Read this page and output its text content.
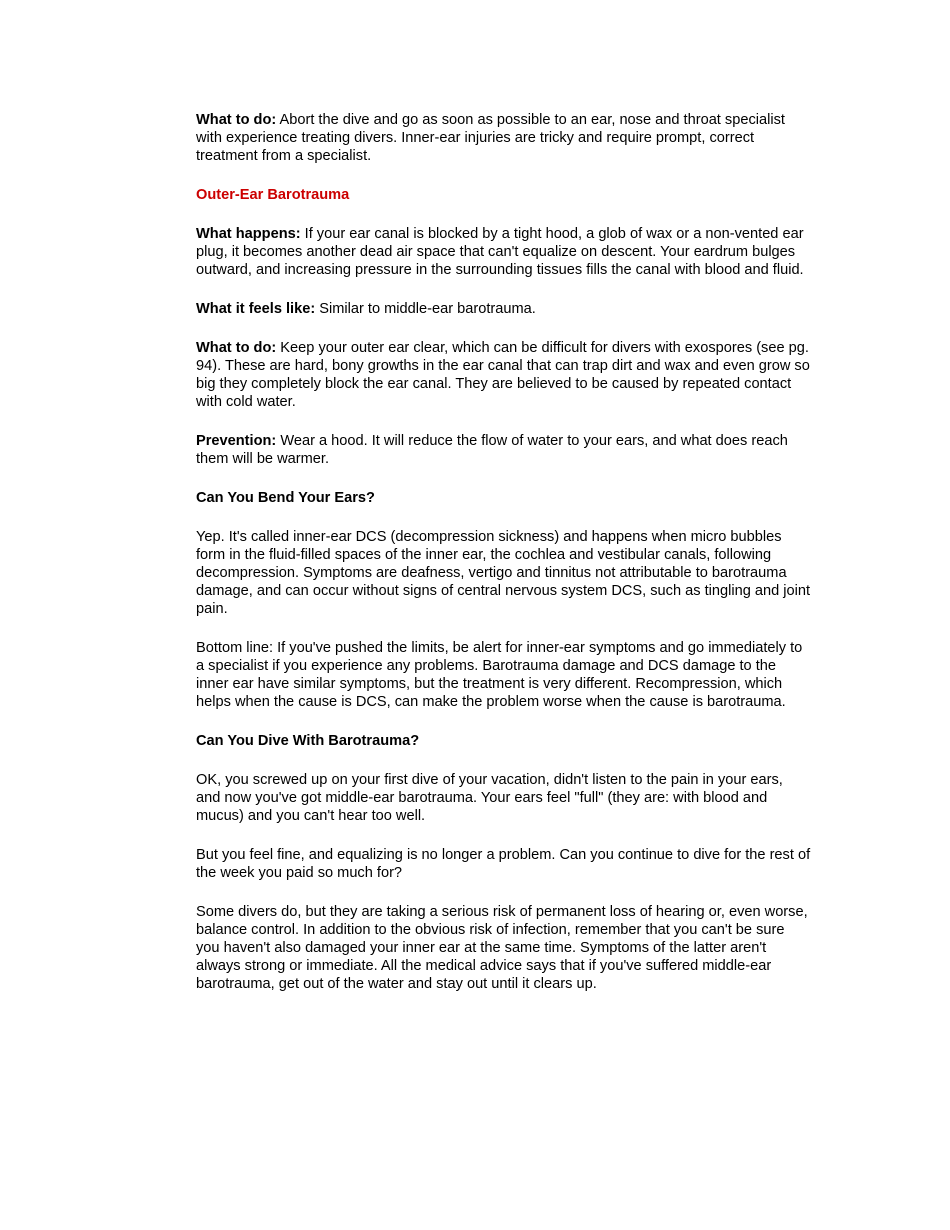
What to do: Abort the dive and go as soon as possible to an ear, nose and throat specialist with experience treating divers. Inner-ear injuries are tricky and require prompt, correct treatment from a specialist.

Outer-Ear Barotrauma

What happens: If your ear canal is blocked by a tight hood, a glob of wax or a non-vented ear plug, it becomes another dead air space that can't equalize on descent. Your eardrum bulges outward, and increasing pressure in the surrounding tissues fills the canal with blood and fluid.

What it feels like: Similar to middle-ear barotrauma.

What to do: Keep your outer ear clear, which can be difficult for divers with exospores (see pg. 94). These are hard, bony growths in the ear canal that can trap dirt and wax and even grow so big they completely block the ear canal. They are believed to be caused by repeated contact with cold water.

Prevention: Wear a hood. It will reduce the flow of water to your ears, and what does reach them will be warmer.

Can You Bend Your Ears?

Yep. It's called inner-ear DCS (decompression sickness) and happens when micro bubbles form in the fluid-filled spaces of the inner ear, the cochlea and vestibular canals, following decompression. Symptoms are deafness, vertigo and tinnitus not attributable to barotrauma damage, and can occur without signs of central nervous system DCS, such as tingling and joint pain.

Bottom line: If you've pushed the limits, be alert for inner-ear symptoms and go immediately to a specialist if you experience any problems. Barotrauma damage and DCS damage to the inner ear have similar symptoms, but the treatment is very different. Recompression, which helps when the cause is DCS, can make the problem worse when the cause is barotrauma.

Can You Dive With Barotrauma?

OK, you screwed up on your first dive of your vacation, didn't listen to the pain in your ears, and now you've got middle-ear barotrauma. Your ears feel "full" (they are: with blood and mucus) and you can't hear too well.

But you feel fine, and equalizing is no longer a problem. Can you continue to dive for the rest of the week you paid so much for?

Some divers do, but they are taking a serious risk of permanent loss of hearing or, even worse, balance control. In addition to the obvious risk of infection, remember that you can't be sure you haven't also damaged your inner ear at the same time. Symptoms of the latter aren't always strong or immediate. All the medical advice says that if you've suffered middle-ear barotrauma, get out of the water and stay out until it clears up.
